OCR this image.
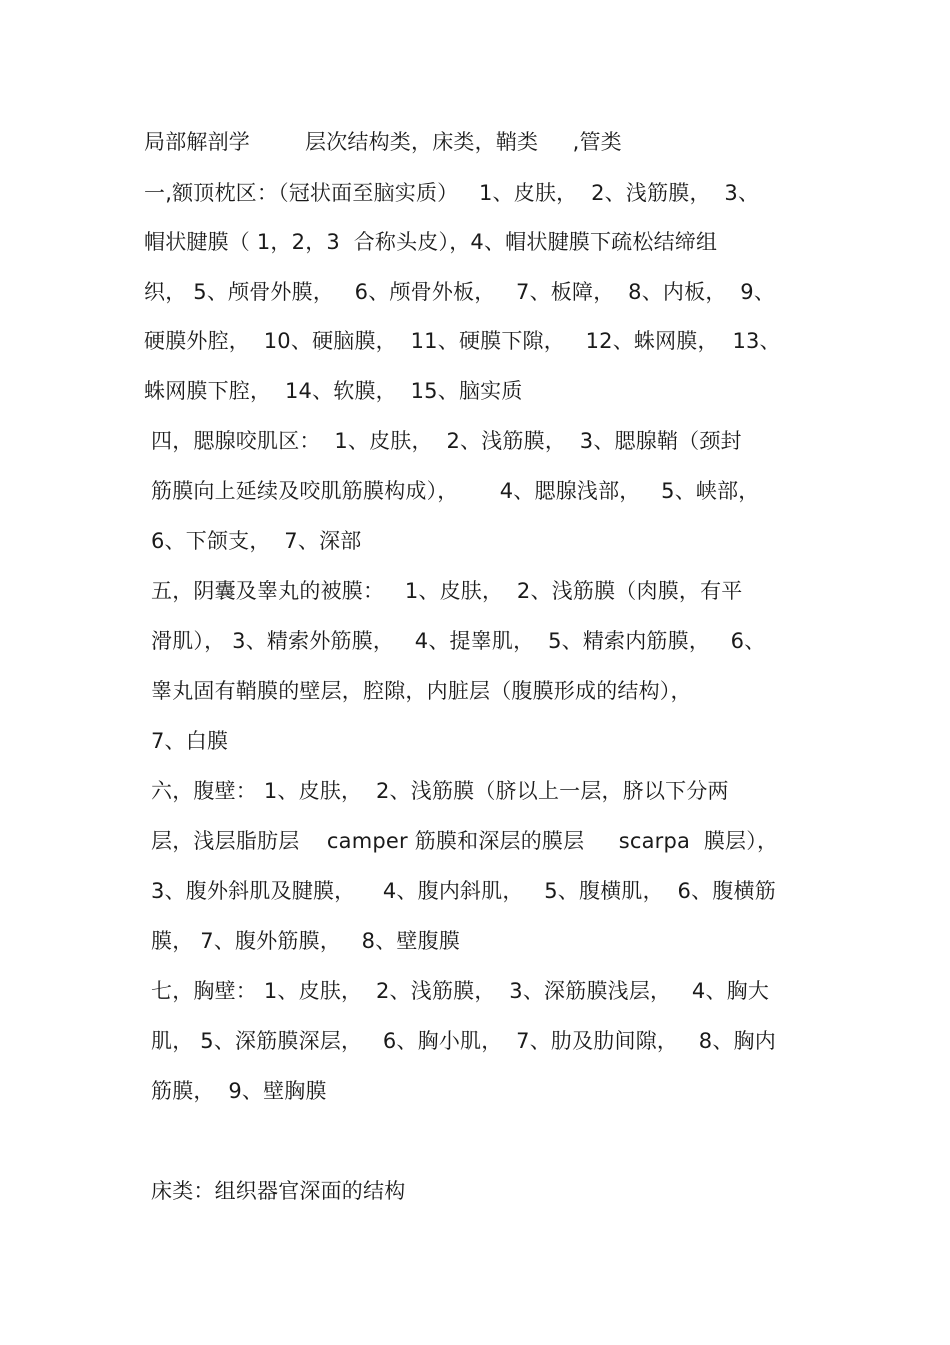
局部解剖学        层次结构类，床类，鞘类     ,管类
一,额顶枕区：（冠状面至脑实质）   1、皮肤，  2、浅筋膜，  3、
帽状腱膜（ 1，2，3  合称头皮），4、帽状腱膜下疏松结缔组
织， 5、颅骨外膜，   6、颅骨外板，   7、板障，  8、内板，  9、
硬膜外腔，  10、硬脑膜，  11、硬膜下隙，   12、蛛网膜，  13、
蛛网膜下腔，  14、软膜，  15、脑实质
四，腮腺咬肌区：  1、皮肤，  2、浅筋膜，  3、腮腺鞘（颈封
筋膜向上延续及咬肌筋膜构成），      4、腮腺浅部，   5、峡部，
6、下颌支，  7、深部
五，阴囊及睾丸的被膜：   1、皮肤，  2、浅筋膜（肉膜，有平
滑肌）， 3、精索外筋膜，   4、提睾肌，  5、精索内筋膜，   6、
睾丸固有鞘膜的壁层，腔隙，内脏层（腹膜形成的结构），
7、白膜
六，腹壁： 1、皮肤，  2、浅筋膜（脐以上一层，脐以下分两
层，浅层脂肪层    camper 筋膜和深层的膜层     scarpa  膜层），
3、腹外斜肌及腱膜，    4、腹内斜肌，   5、腹横肌，  6、腹横筋
膜， 7、腹外筋膜，   8、壁腹膜
七，胸壁： 1、皮肤，  2、浅筋膜，  3、深筋膜浅层，   4、胸大
肌， 5、深筋膜深层，   6、胸小肌，  7、肋及肋间隙，   8、胸内
筋膜，  9、壁胸膜
床类：组织器官深面的结构
